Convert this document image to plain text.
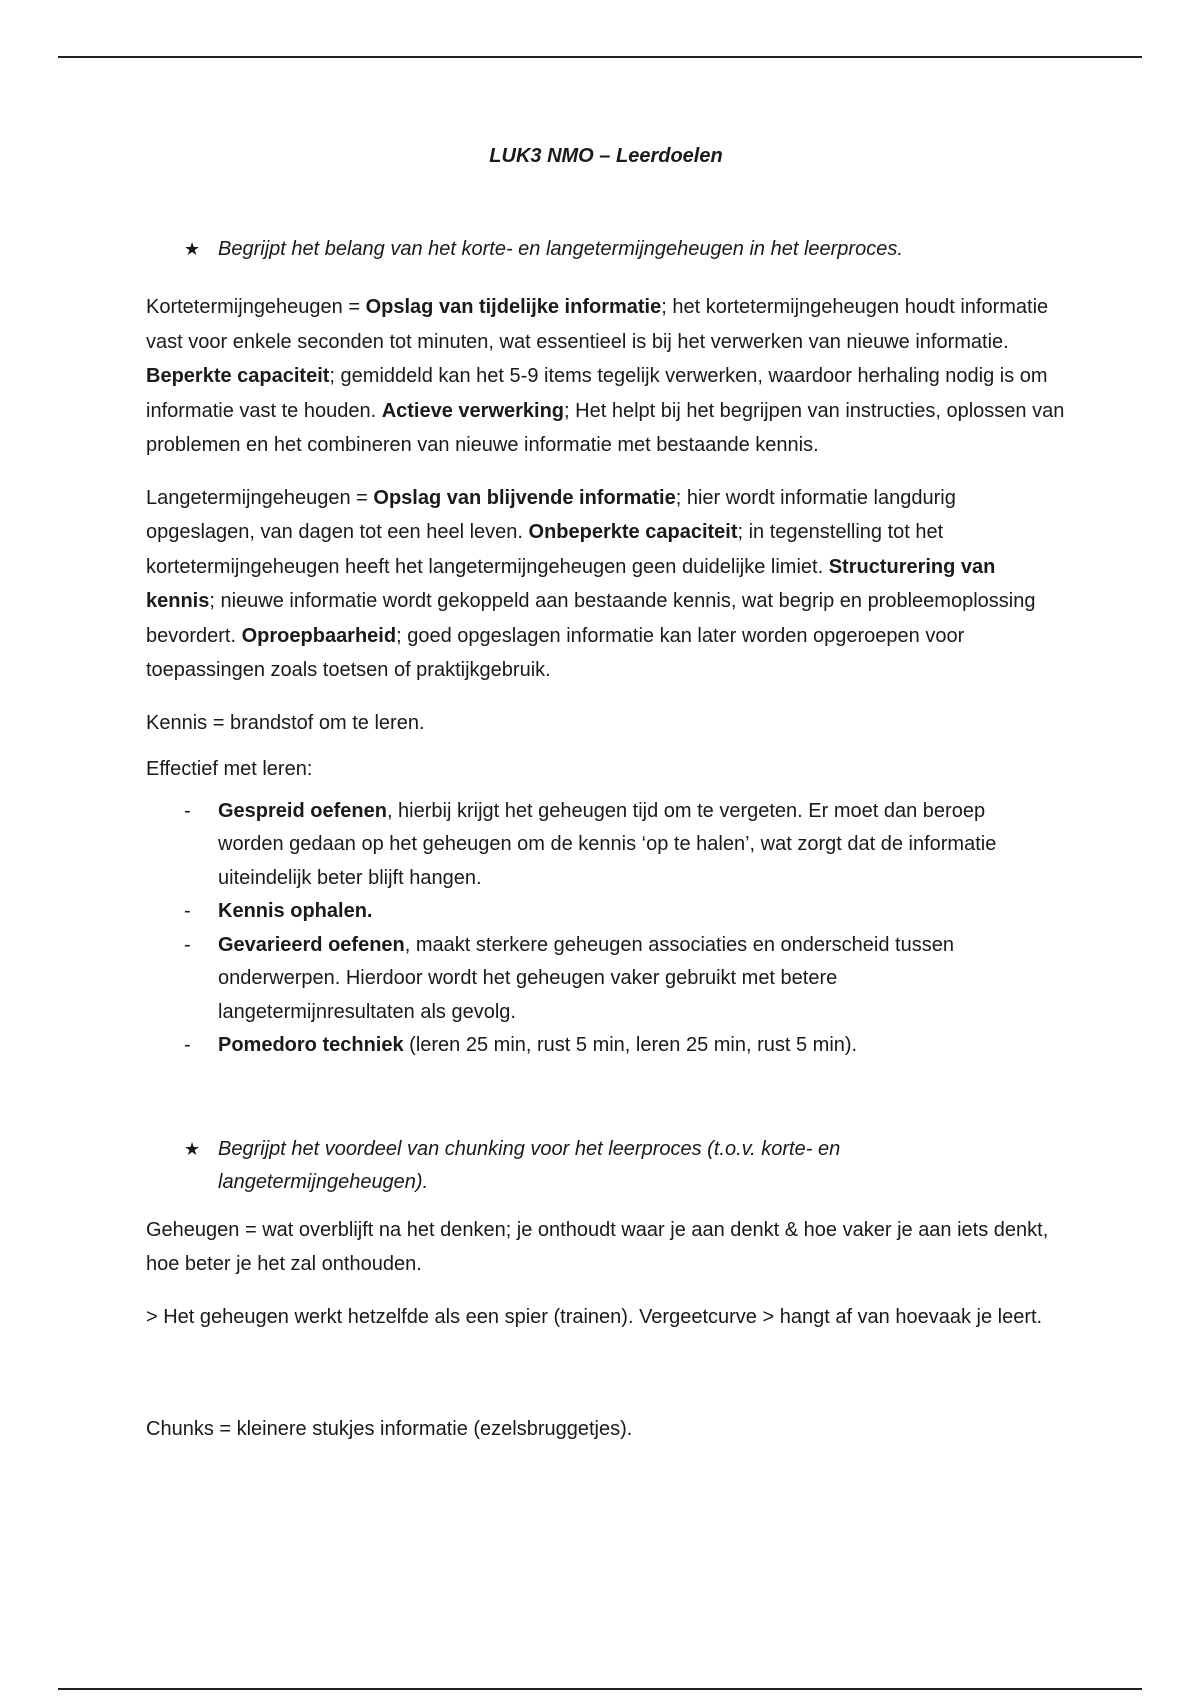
LUK3 NMO – Leerdoelen
★ Begrijpt het belang van het korte- en langetermijngeheugen in het leerproces.

Kortetermijngeheugen = Opslag van tijdelijke informatie; het kortetermijngeheugen houdt informatie vast voor enkele seconden tot minuten, wat essentieel is bij het verwerken van nieuwe informatie. Beperkte capaciteit; gemiddeld kan het 5-9 items tegelijk verwerken, waardoor herhaling nodig is om informatie vast te houden. Actieve verwerking; Het helpt bij het begrijpen van instructies, oplossen van problemen en het combineren van nieuwe informatie met bestaande kennis.

Langetermijngeheugen = Opslag van blijvende informatie; hier wordt informatie langdurig opgeslagen, van dagen tot een heel leven. Onbeperkte capaciteit; in tegenstelling tot het kortetermijngeheugen heeft het langetermijngeheugen geen duidelijke limiet. Structurering van kennis; nieuwe informatie wordt gekoppeld aan bestaande kennis, wat begrip en probleemoplossing bevordert. Oproepbaarheid; goed opgeslagen informatie kan later worden opgeroepen voor toepassingen zoals toetsen of praktijkgebruik.

Kennis = brandstof om te leren.

Effectief met leren:

-	Gespreid oefenen, hierbij krijgt het geheugen tijd om te vergeten. Er moet dan beroep worden gedaan op het geheugen om de kennis ‘op te halen’, wat zorgt dat de informatie uiteindelijk beter blijft hangen.
-	Kennis ophalen.
-	Gevarieerd oefenen, maakt sterkere geheugen associaties en onderscheid tussen onderwerpen. Hierdoor wordt het geheugen vaker gebruikt met betere langetermijnresultaten als gevolg.
-	Pomedoro techniek (leren 25 min, rust 5 min, leren 25 min, rust 5 min).
★ Begrijpt het voordeel van chunking voor het leerproces (t.o.v. korte- en langetermijngeheugen).

Geheugen = wat overblijft na het denken; je onthoudt waar je aan denkt & hoe vaker je aan iets denkt, hoe beter je het zal onthouden.

> Het geheugen werkt hetzelfde als een spier (trainen). Vergeetcurve > hangt af van hoevaak je leert.

Chunks = kleinere stukjes informatie (ezelsbruggetjes).
